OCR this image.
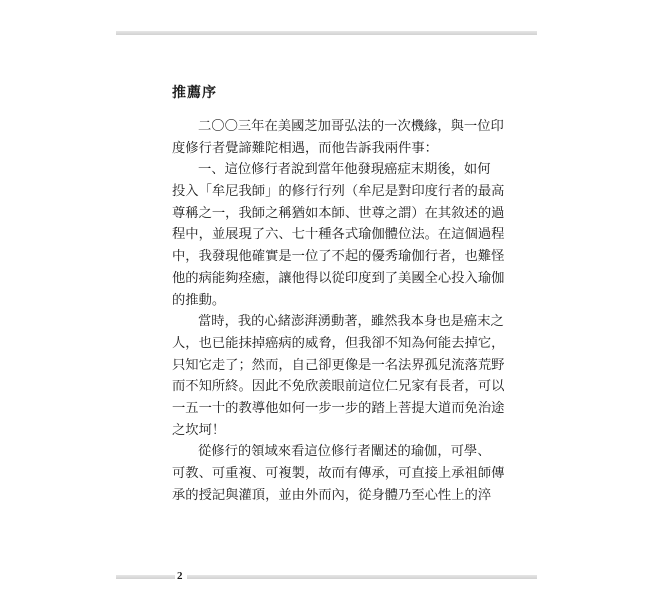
推薦序
二〇〇三年在美國芝加哥弘法的一次機緣，與一位印
度修行者覺諦難陀相遇，而他告訴我兩件事：
一、這位修行者說到當年他發現癌症末期後，如何
投入「牟尼我師」的修行行列（牟尼是對印度行者的最高
尊稱之一，我師之稱猶如本師、世尊之謂）在其敘述的過
程中，並展現了六、七十種各式瑜伽體位法。在這個過程
中，我發現他確實是一位了不起的優秀瑜伽行者，也難怪
他的病能夠痊癒，讓他得以從印度到了美國全心投入瑜伽
的推動。
當時，我的心緒澎湃湧動著，雖然我本身也是癌末之
人，也已能抹掉癌病的威脅，但我卻不知為何能去掉它，
只知它走了；然而，自己卻更像是一名法界孤兒流落荒野
而不知所終。因此不免欣羨眼前這位仁兄家有長者，可以
一五一十的教導他如何一步一步的踏上菩提大道而免治途
之坎坷！
從修行的領域來看這位修行者闡述的瑜伽，可學、
可教、可重複、可複製，故而有傳承，可直接上承祖師傳
承的授記與灌頂，並由外而內，從身體乃至心性上的淬
2
